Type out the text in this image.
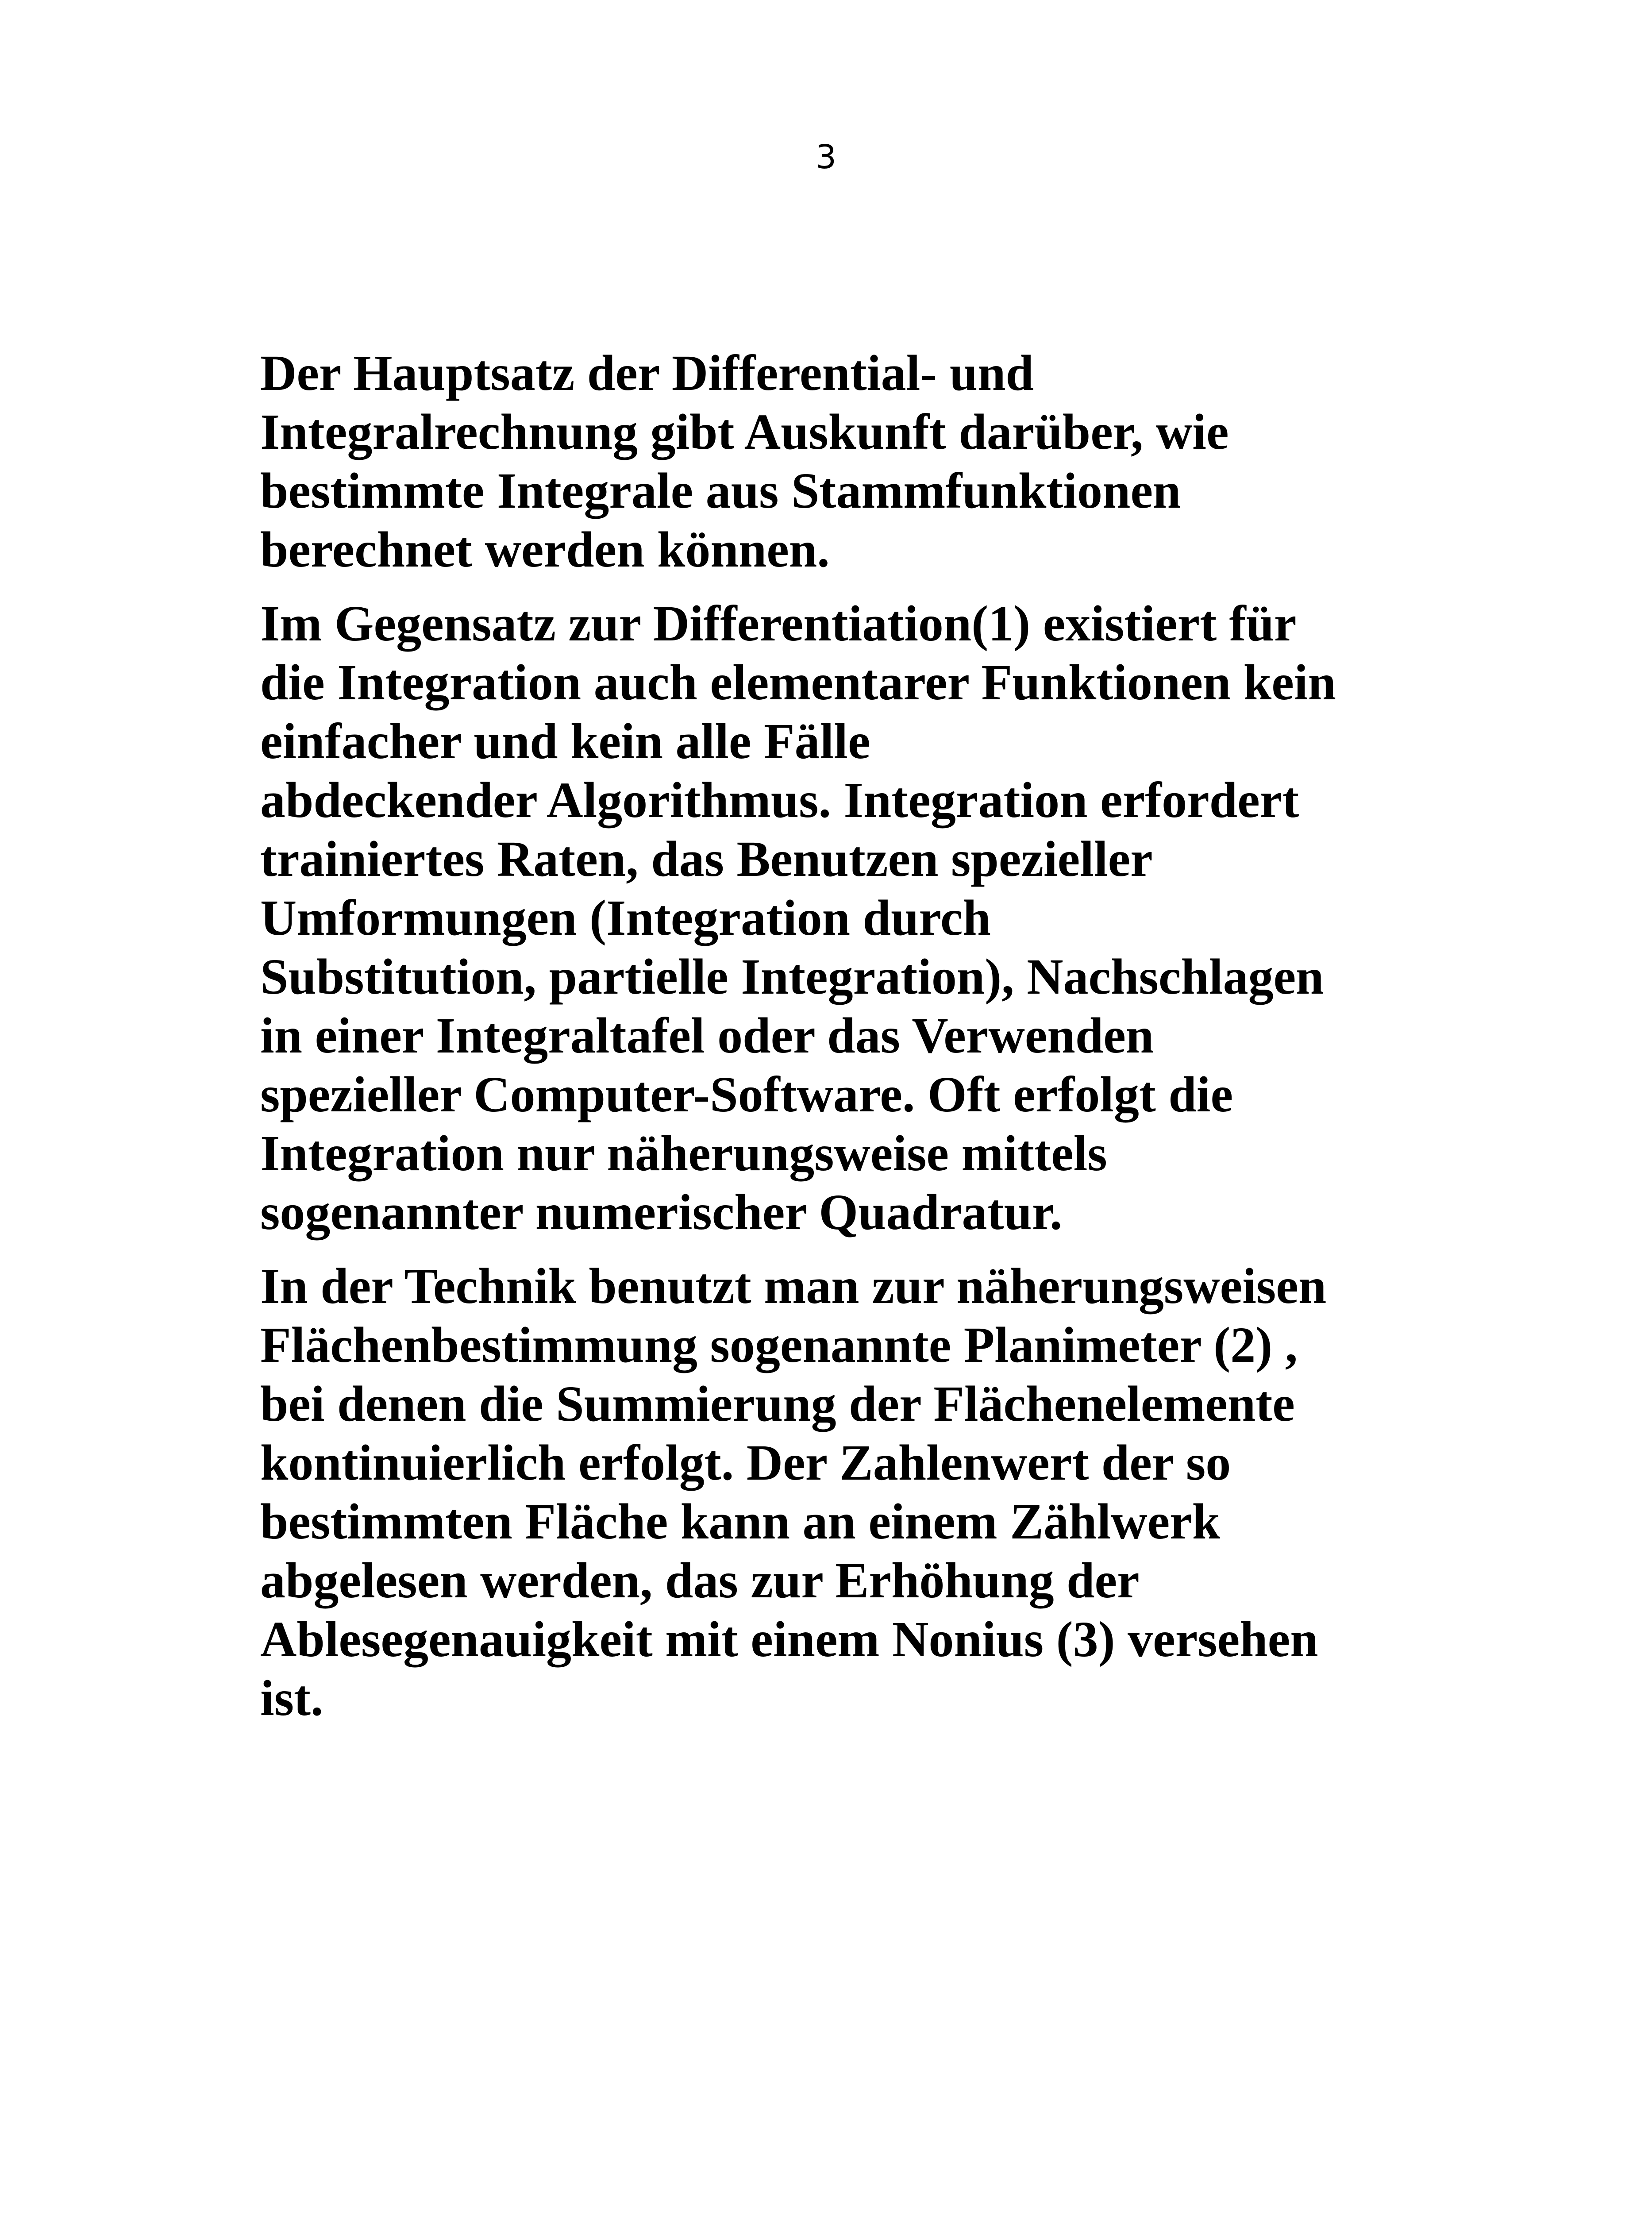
3

Der Hauptsatz der Differential- und
Integralrechnung gibt Auskunft darüber, wie
bestimmte Integrale aus Stammfunktionen
berechnet werden können.

Im Gegensatz zur Differentiation(1) existiert für
die Integration auch elementarer Funktionen kein
einfacher und kein alle Fälle
abdeckender Algorithmus. Integration erfordert
trainiertes Raten, das Benutzen spezieller
Umformungen (Integration durch
Substitution, partielle Integration), Nachschlagen
in einer Integraltafel oder das Verwenden
spezieller Computer-Software. Oft erfolgt die
Integration nur näherungsweise mittels
sogenannter numerischer Quadratur.

In der Technik benutzt man zur näherungsweisen
Flächenbestimmung sogenannte Planimeter (2) ,
bei denen die Summierung der Flächenelemente
kontinuierlich erfolgt. Der Zahlenwert der so
bestimmten Fläche kann an einem Zählwerk
abgelesen werden, das zur Erhöhung der
Ablesegenauigkeit mit einem Nonius (3) versehen
ist.
